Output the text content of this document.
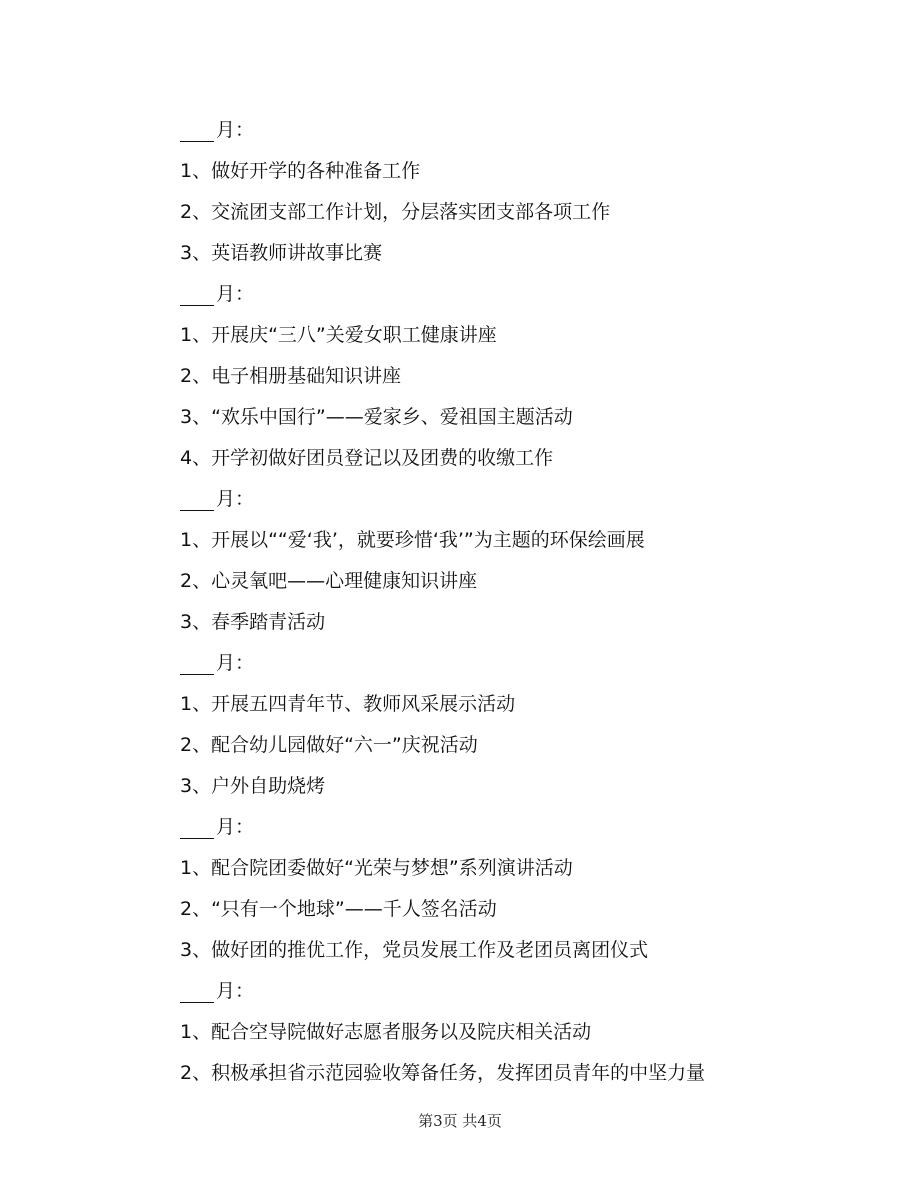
月：
1、做好开学的各种准备工作
2、交流团支部工作计划，分层落实团支部各项工作
3、英语教师讲故事比赛
月：
1、开展庆“三八”关爱女职工健康讲座
2、电子相册基础知识讲座
3、“欢乐中国行”——爱家乡、爱祖国主题活动
4、开学初做好团员登记以及团费的收缴工作
月：
1、开展以““爱‘我’，就要珍惜‘我’”为主题的环保绘画展
2、心灵氧吧——心理健康知识讲座
3、春季踏青活动
月：
1、开展五四青年节、教师风采展示活动
2、配合幼儿园做好“六一”庆祝活动
3、户外自助烧烤
月：
1、配合院团委做好“光荣与梦想”系列演讲活动
2、“只有一个地球”——千人签名活动
3、做好团的推优工作，党员发展工作及老团员离团仪式
月：
1、配合空导院做好志愿者服务以及院庆相关活动
2、积极承担省示范园验收筹备任务，发挥团员青年的中坚力量
第3页 共4页
